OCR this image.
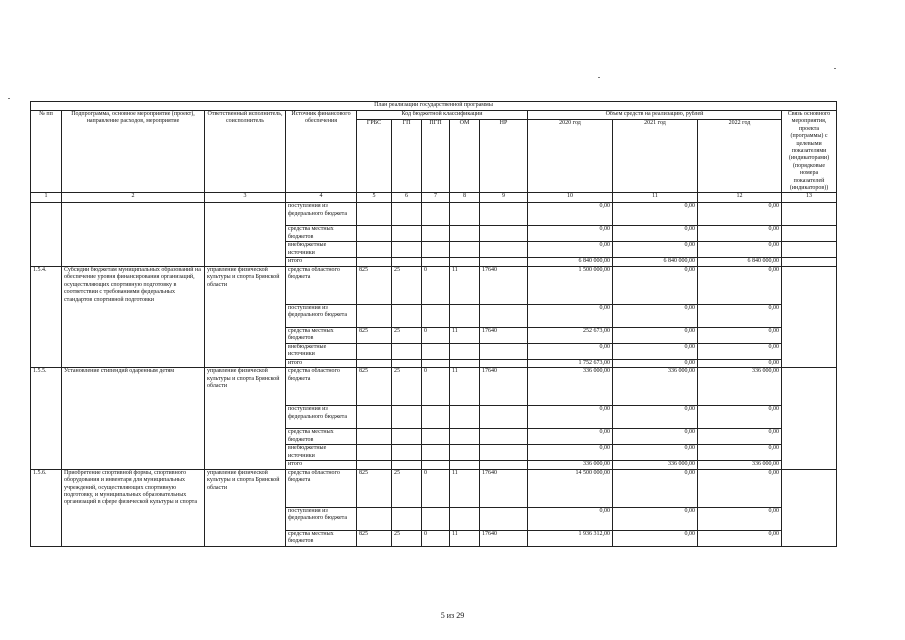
План реализации государственной программы												
№ пп	Подпрограмма, основное мероприятие (проект), направление расходов, мероприятие	Ответственный исполнитель, соисполнитель	Источник финансового обеспечения	Код бюджетной классификации					Объем средств на реализацию, рублей			Связь основного мероприятия, проекта (программы) с целевыми показателями (индикаторами) (порядковые номера показателей (индикаторов))
				ГРБС	ГП	ПГП	ОМ	НР	2020 год	2021 год	2022 год	
1	2	3	4	5	6	7	8	9	10	11	12	13
			поступления из федерального бюджета						0,00	0,00	0,00	
			средства местных бюджетов						0,00	0,00	0,00	
			внебюджетные источники						0,00	0,00	0,00	
			итого						6 840 000,00	6 840 000,00	6 840 000,00	
1.5.4.	Субсидии бюджетам муниципальных образований на обеспечение уровня финансирования организаций, осуществляющих спортивную подготовку в соответствии с требованиями федеральных стандартов спортивной подготовки	управление физической культуры и спорта Брянской области	средства областного бюджета	825	25	0	11	17640	1 500 000,00	0,00	0,00	
			поступления из федерального бюджета						0,00	0,00	0,00	
			средства местных бюджетов	825	25	0	11	17640	252 673,00	0,00	0,00	
			внебюджетные источники						0,00	0,00	0,00	
			итого						1 752 673,00	0,00	0,00	
1.5.5.	Установление стипендий одаренным детям	управление физической культуры и спорта Брянской области	средства областного бюджета	825	25	0	11	17640	336 000,00	336 000,00	336 000,00	
			поступления из федерального бюджета						0,00	0,00	0,00	
			средства местных бюджетов						0,00	0,00	0,00	
			внебюджетные источники						0,00	0,00	0,00	
			итого						336 000,00	336 000,00	336 000,00	
1.5.6.	Приобретение спортивной формы, спортивного оборудования и инвентаря для муниципальных учреждений, осуществляющих спортивную подготовку, и муниципальных образовательных организаций в сфере физической культуры и спорта	управление физической культуры и спорта Брянской области	средства областного бюджета	825	25	0	11	17640	14 500 000,00	0,00	0,00	
			поступления из федерального бюджета						0,00	0,00	0,00	
			средства местных бюджетов	825	25	0	11	17640	1 936 312,00	0,00	0,00	
5 из 29
